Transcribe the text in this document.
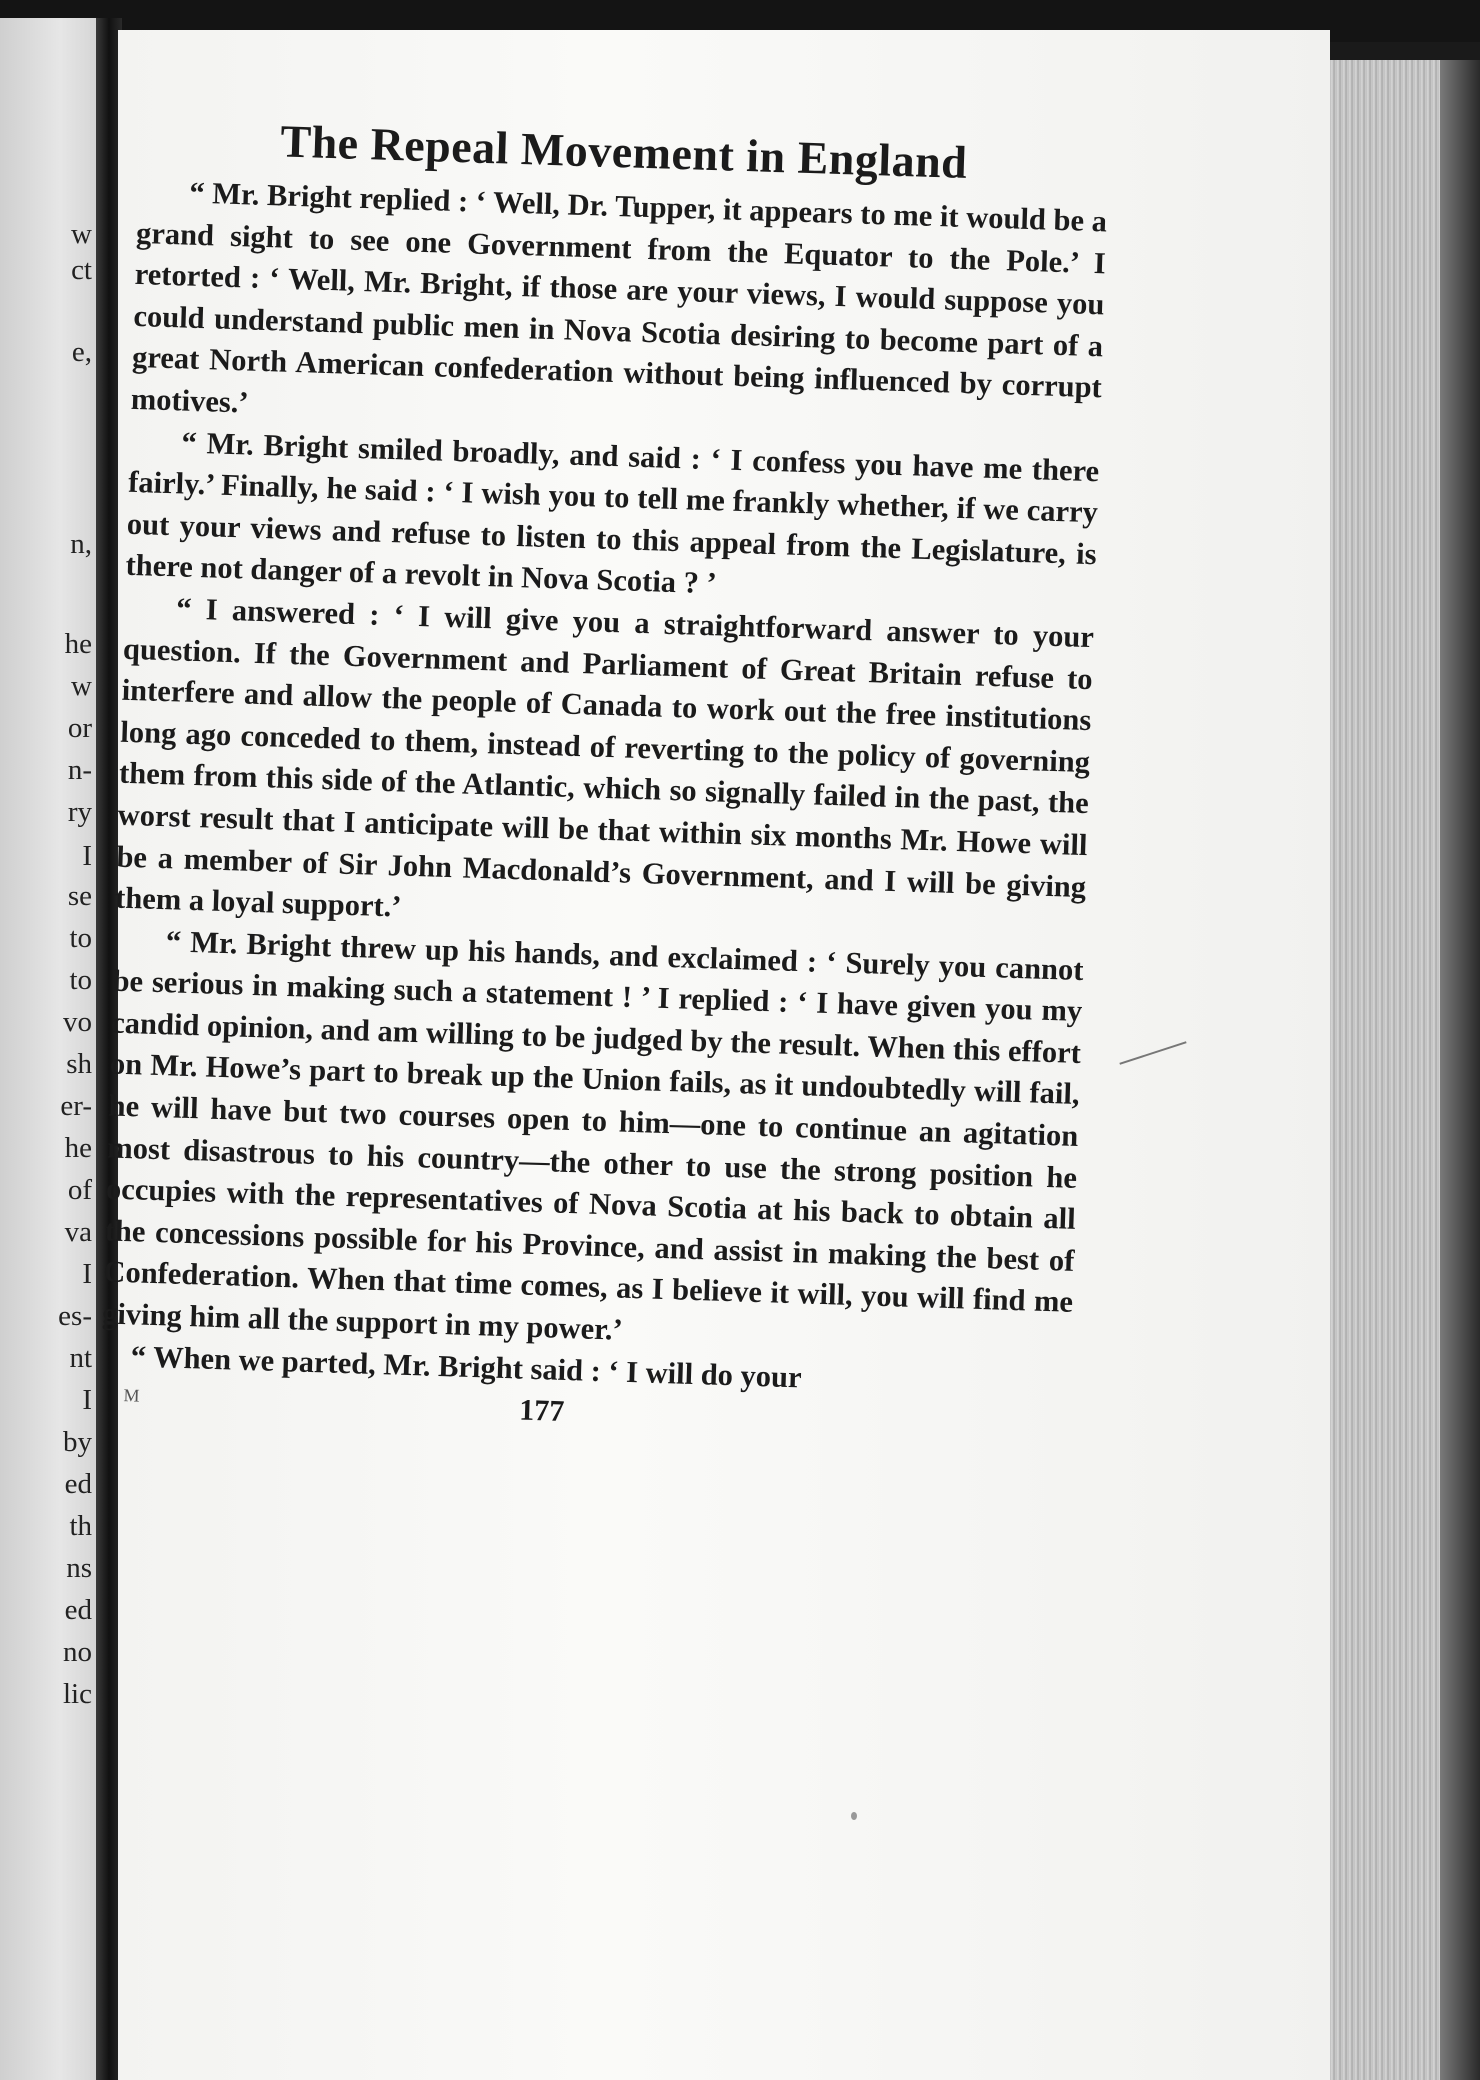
w
ct
e,
n,
he
w
or
n-
ry
I
se
to
to
vo
sh
er-
he
of
va
I
es-
nt
I
by
ed
th
ns
ed
no
lic
The Repeal Movement in England

“ Mr. Bright replied : ‘ Well, Dr. Tupper, it appears to me it would be a grand sight to see one Government from the Equator to the Pole.’ I retorted : ‘ Well, Mr. Bright, if those are your views, I would suppose you could understand public men in Nova Scotia desiring to become part of a great North American confederation without being influenced by corrupt motives.’

“ Mr. Bright smiled broadly, and said : ‘ I confess you have me there fairly.’ Finally, he said : ‘ I wish you to tell me frankly whether, if we carry out your views and refuse to listen to this appeal from the Legislature, is there not danger of a revolt in Nova Scotia ? ’

“ I answered : ‘ I will give you a straightforward answer to your question. If the Government and Parliament of Great Britain refuse to interfere and allow the people of Canada to work out the free institutions long ago conceded to them, instead of reverting to the policy of governing them from this side of the Atlantic, which so signally failed in the past, the worst result that I anticipate will be that within six months Mr. Howe will be a member of Sir John Macdonald’s Government, and I will be giving them a loyal support.’

“ Mr. Bright threw up his hands, and exclaimed : ‘ Surely you cannot be serious in making such a statement ! ’ I replied : ‘ I have given you my candid opinion, and am willing to be judged by the result. When this effort on Mr. Howe’s part to break up the Union fails, as it undoubtedly will fail, he will have but two courses open to him—one to continue an agitation most disastrous to his country—the other to use the strong position he occupies with the representatives of Nova Scotia at his back to obtain all the concessions possible for his Province, and assist in making the best of Confederation. When that time comes, as I believe it will, you will find me giving him all the support in my power.’

“ When we parted, Mr. Bright said : ‘ I will do your

M	177
